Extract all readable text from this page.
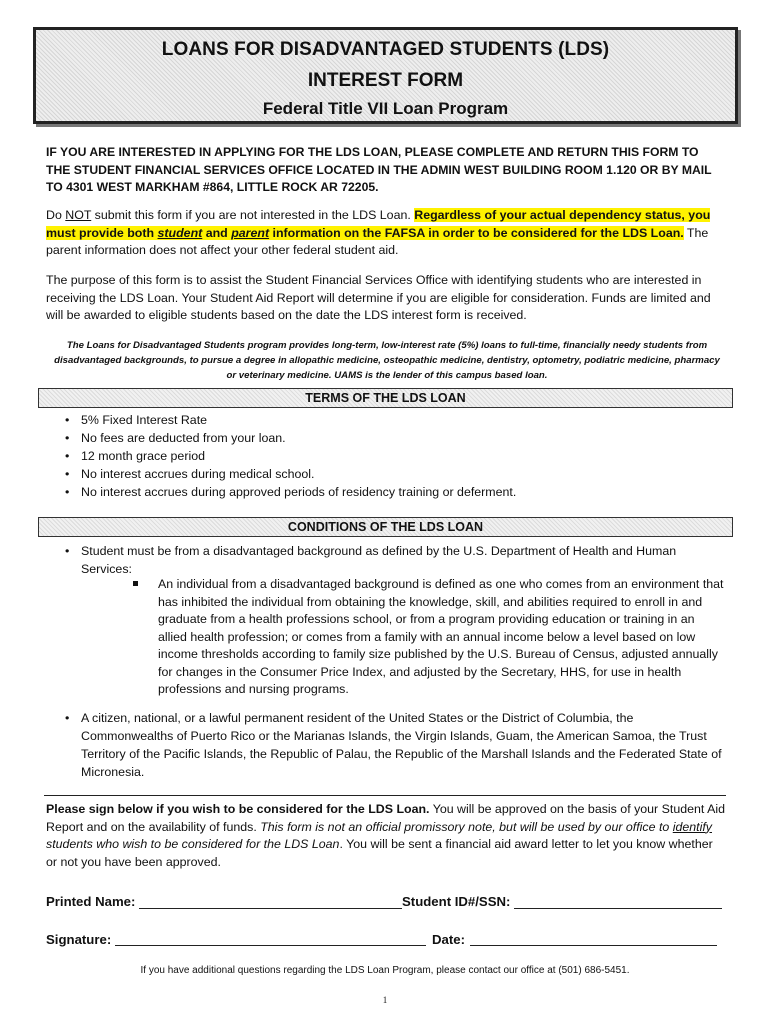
LOANS FOR DISADVANTAGED STUDENTS (LDS)
INTEREST FORM
Federal Title VII Loan Program
IF YOU ARE INTERESTED IN APPLYING FOR THE LDS LOAN, PLEASE COMPLETE AND RETURN THIS FORM TO THE STUDENT FINANCIAL SERVICES OFFICE LOCATED IN THE ADMIN WEST BUILDING ROOM 1.120 OR BY MAIL TO 4301 WEST MARKHAM #864, LITTLE ROCK AR 72205.
Do NOT submit this form if you are not interested in the LDS Loan. Regardless of your actual dependency status, you must provide both student and parent information on the FAFSA in order to be considered for the LDS Loan. The parent information does not affect your other federal student aid.
The purpose of this form is to assist the Student Financial Services Office with identifying students who are interested in receiving the LDS Loan. Your Student Aid Report will determine if you are eligible for consideration. Funds are limited and will be awarded to eligible students based on the date the LDS interest form is received.
The Loans for Disadvantaged Students program provides long-term, low-interest rate (5%) loans to full-time, financially needy students from disadvantaged backgrounds, to pursue a degree in allopathic medicine, osteopathic medicine, dentistry, optometry, podiatric medicine, pharmacy or veterinary medicine. UAMS is the lender of this campus based loan.
TERMS OF THE LDS LOAN
• 5% Fixed Interest Rate
• No fees are deducted from your loan.
• 12 month grace period
• No interest accrues during medical school.
• No interest accrues during approved periods of residency training or deferment.
CONDITIONS OF THE LDS LOAN
• Student must be from a disadvantaged background as defined by the U.S. Department of Health and Human Services:
An individual from a disadvantaged background is defined as one who comes from an environment that has inhibited the individual from obtaining the knowledge, skill, and abilities required to enroll in and graduate from a health professions school, or from a program providing education or training in an allied health profession; or comes from a family with an annual income below a level based on low income thresholds according to family size published by the U.S. Bureau of Census, adjusted annually for changes in the Consumer Price Index, and adjusted by the Secretary, HHS, for use in health professions and nursing programs.
• A citizen, national, or a lawful permanent resident of the United States or the District of Columbia, the Commonwealths of Puerto Rico or the Marianas Islands, the Virgin Islands, Guam, the American Samoa, the Trust Territory of the Pacific Islands, the Republic of Palau, the Republic of the Marshall Islands and the Federated State of Micronesia.
Please sign below if you wish to be considered for the LDS Loan. You will be approved on the basis of your Student Aid Report and on the availability of funds. This form is not an official promissory note, but will be used by our office to identify students who wish to be considered for the LDS Loan. You will be sent a financial aid award letter to let you know whether or not you have been approved.
Printed Name:	Student ID#/SSN:
Signature:	Date:
If you have additional questions regarding the LDS Loan Program, please contact our office at (501) 686-5451.
1
